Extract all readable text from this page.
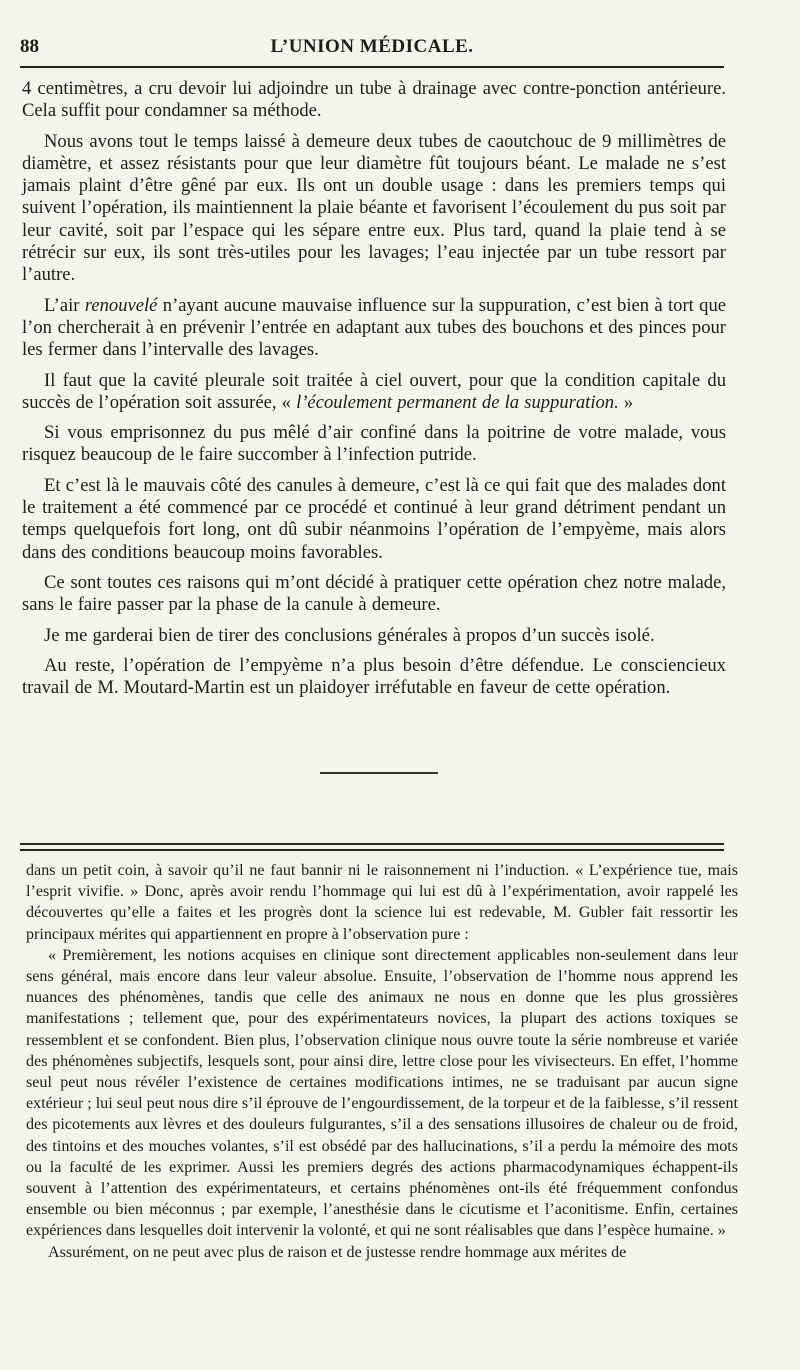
88	L’UNION MÉDICALE.

4 centimètres, a cru devoir lui adjoindre un tube à drainage avec contre-ponction antérieure. Cela suffit pour condamner sa méthode.

Nous avons tout le temps laissé à demeure deux tubes de caoutchouc de 9 millimètres de diamètre, et assez résistants pour que leur diamètre fût toujours béant. Le malade ne s’est jamais plaint d’être gêné par eux. Ils ont un double usage : dans les premiers temps qui suivent l’opération, ils maintiennent la plaie béante et favorisent l’écoulement du pus soit par leur cavité, soit par l’espace qui les sépare entre eux. Plus tard, quand la plaie tend à se rétrécir sur eux, ils sont très-utiles pour les lavages; l’eau injectée par un tube ressort par l’autre.

L’air renouvelé n’ayant aucune mauvaise influence sur la suppuration, c’est bien à tort que l’on chercherait à en prévenir l’entrée en adaptant aux tubes des bouchons et des pinces pour les fermer dans l’intervalle des lavages.

Il faut que la cavité pleurale soit traitée à ciel ouvert, pour que la condition capitale du succès de l’opération soit assurée, « l’écoulement permanent de la suppuration. »

Si vous emprisonnez du pus mêlé d’air confiné dans la poitrine de votre malade, vous risquez beaucoup de le faire succomber à l’infection putride.

Et c’est là le mauvais côté des canules à demeure, c’est là ce qui fait que des malades dont le traitement a été commencé par ce procédé et continué à leur grand détriment pendant un temps quelquefois fort long, ont dû subir néanmoins l’opération de l’empyème, mais alors dans des conditions beaucoup moins favorables.

Ce sont toutes ces raisons qui m’ont décidé à pratiquer cette opération chez notre malade, sans le faire passer par la phase de la canule à demeure.

Je me garderai bien de tirer des conclusions générales à propos d’un succès isolé.

Au reste, l’opération de l’empyème n’a plus besoin d’être défendue. Le consciencieux travail de M. Moutard-Martin est un plaidoyer irréfutable en faveur de cette opération.

dans un petit coin, à savoir qu’il ne faut bannir ni le raisonnement ni l’induction. « L’expérience tue, mais l’esprit vivifie. » Donc, après avoir rendu l’hommage qui lui est dû à l’expérimentation, avoir rappelé les découvertes qu’elle a faites et les progrès dont la science lui est redevable, M. Gubler fait ressortir les principaux mérites qui appartiennent en propre à l’observation pure :

« Premièrement, les notions acquises en clinique sont directement applicables non-seulement dans leur sens général, mais encore dans leur valeur absolue. Ensuite, l’observation de l’homme nous apprend les nuances des phénomènes, tandis que celle des animaux ne nous en donne que les plus grossières manifestations ; tellement que, pour des expérimentateurs novices, la plupart des actions toxiques se ressemblent et se confondent. Bien plus, l’observation clinique nous ouvre toute la série nombreuse et variée des phénomènes subjectifs, lesquels sont, pour ainsi dire, lettre close pour les vivisecteurs. En effet, l’homme seul peut nous révéler l’existence de certaines modifications intimes, ne se traduisant par aucun signe extérieur ; lui seul peut nous dire s’il éprouve de l’engourdissement, de la torpeur et de la faiblesse, s’il ressent des picotements aux lèvres et des douleurs fulgurantes, s’il a des sensations illusoires de chaleur ou de froid, des tintoins et des mouches volantes, s’il est obsédé par des hallucinations, s’il a perdu la mémoire des mots ou la faculté de les exprimer. Aussi les premiers degrés des actions pharmacodynamiques échappent-ils souvent à l’attention des expérimentateurs, et certains phénomènes ont-ils été fréquemment confondus ensemble ou bien méconnus ; par exemple, l’anesthésie dans le cicutisme et l’aconitisme. Enfin, certaines expériences dans lesquelles doit intervenir la volonté, et qui ne sont réalisables que dans l’espèce humaine. »

Assurément, on ne peut avec plus de raison et de justesse rendre hommage aux mérites de
